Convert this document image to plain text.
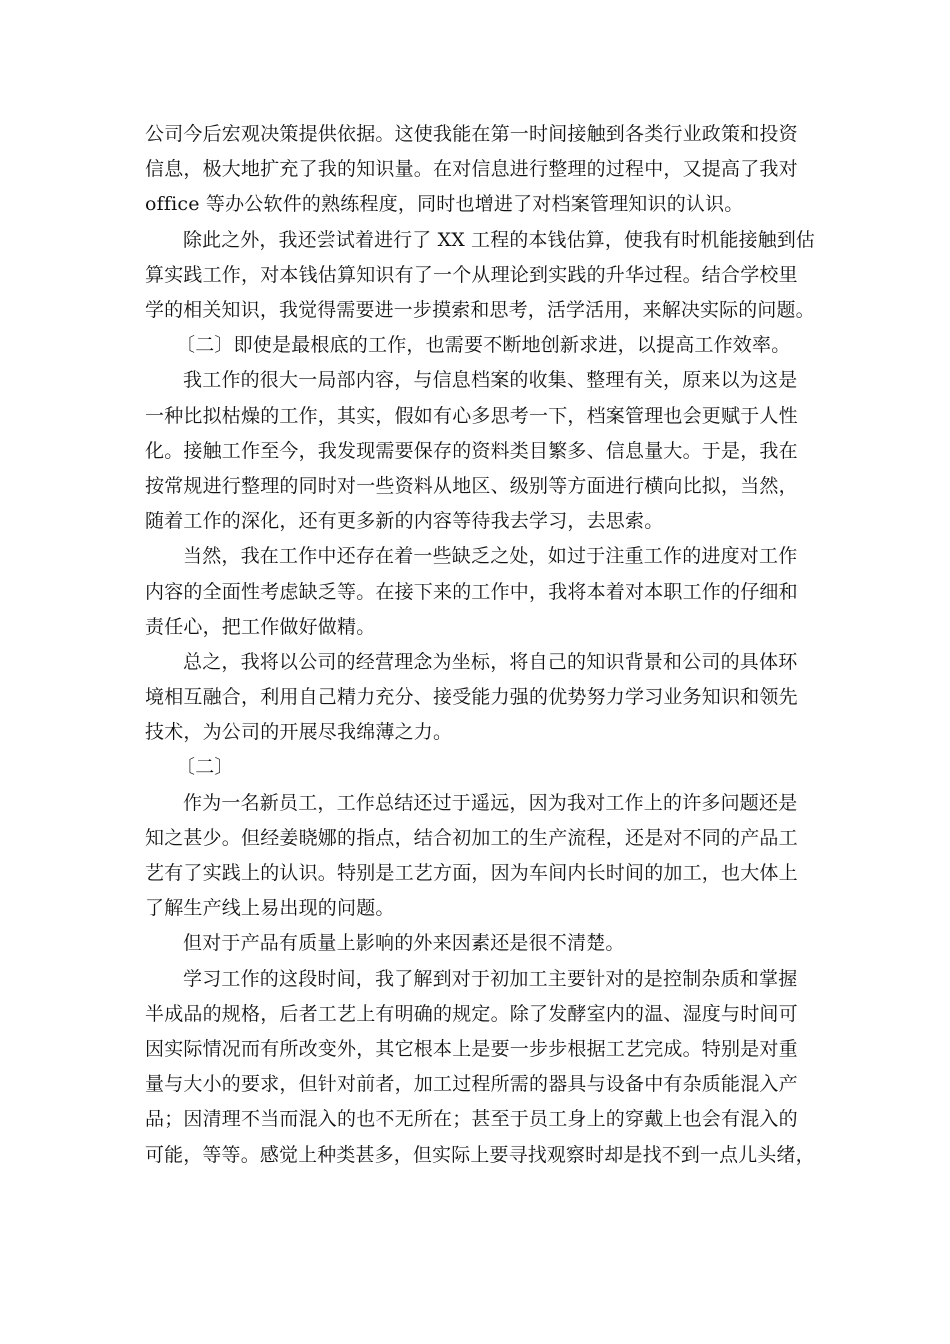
公司今后宏观决策提供依据。这使我能在第一时间接触到各类行业政策和投资
信息，极大地扩充了我的知识量。在对信息进行整理的过程中，又提高了我对
office 等办公软件的熟练程度，同时也增进了对档案管理知识的认识。
除此之外，我还尝试着进行了 XX 工程的本钱估算，使我有时机能接触到估
算实践工作，对本钱估算知识有了一个从理论到实践的升华过程。结合学校里
学的相关知识，我觉得需要进一步摸索和思考，活学活用，来解决实际的问题。
〔二〕即使是最根底的工作，也需要不断地创新求进，以提高工作效率。
我工作的很大一局部内容，与信息档案的收集、整理有关，原来以为这是
一种比拟枯燥的工作，其实，假如有心多思考一下，档案管理也会更赋于人性
化。接触工作至今，我发现需要保存的资料类目繁多、信息量大。于是，我在
按常规进行整理的同时对一些资料从地区、级别等方面进行横向比拟，当然，
随着工作的深化，还有更多新的内容等待我去学习，去思索。
当然，我在工作中还存在着一些缺乏之处，如过于注重工作的进度对工作
内容的全面性考虑缺乏等。在接下来的工作中，我将本着对本职工作的仔细和
责任心，把工作做好做精。
总之，我将以公司的经营理念为坐标，将自己的知识背景和公司的具体环
境相互融合，利用自己精力充分、接受能力强的优势努力学习业务知识和领先
技术，为公司的开展尽我绵薄之力。
〔二〕
作为一名新员工，工作总结还过于遥远，因为我对工作上的许多问题还是
知之甚少。但经姜晓娜的指点，结合初加工的生产流程，还是对不同的产品工
艺有了实践上的认识。特别是工艺方面，因为车间内长时间的加工，也大体上
了解生产线上易出现的问题。
但对于产品有质量上影响的外来因素还是很不清楚。
学习工作的这段时间，我了解到对于初加工主要针对的是控制杂质和掌握
半成品的规格，后者工艺上有明确的规定。除了发酵室内的温、湿度与时间可
因实际情况而有所改变外，其它根本上是要一步步根据工艺完成。特别是对重
量与大小的要求，但针对前者，加工过程所需的器具与设备中有杂质能混入产
品；因清理不当而混入的也不无所在；甚至于员工身上的穿戴上也会有混入的
可能，等等。感觉上种类甚多，但实际上要寻找观察时却是找不到一点儿头绪，
